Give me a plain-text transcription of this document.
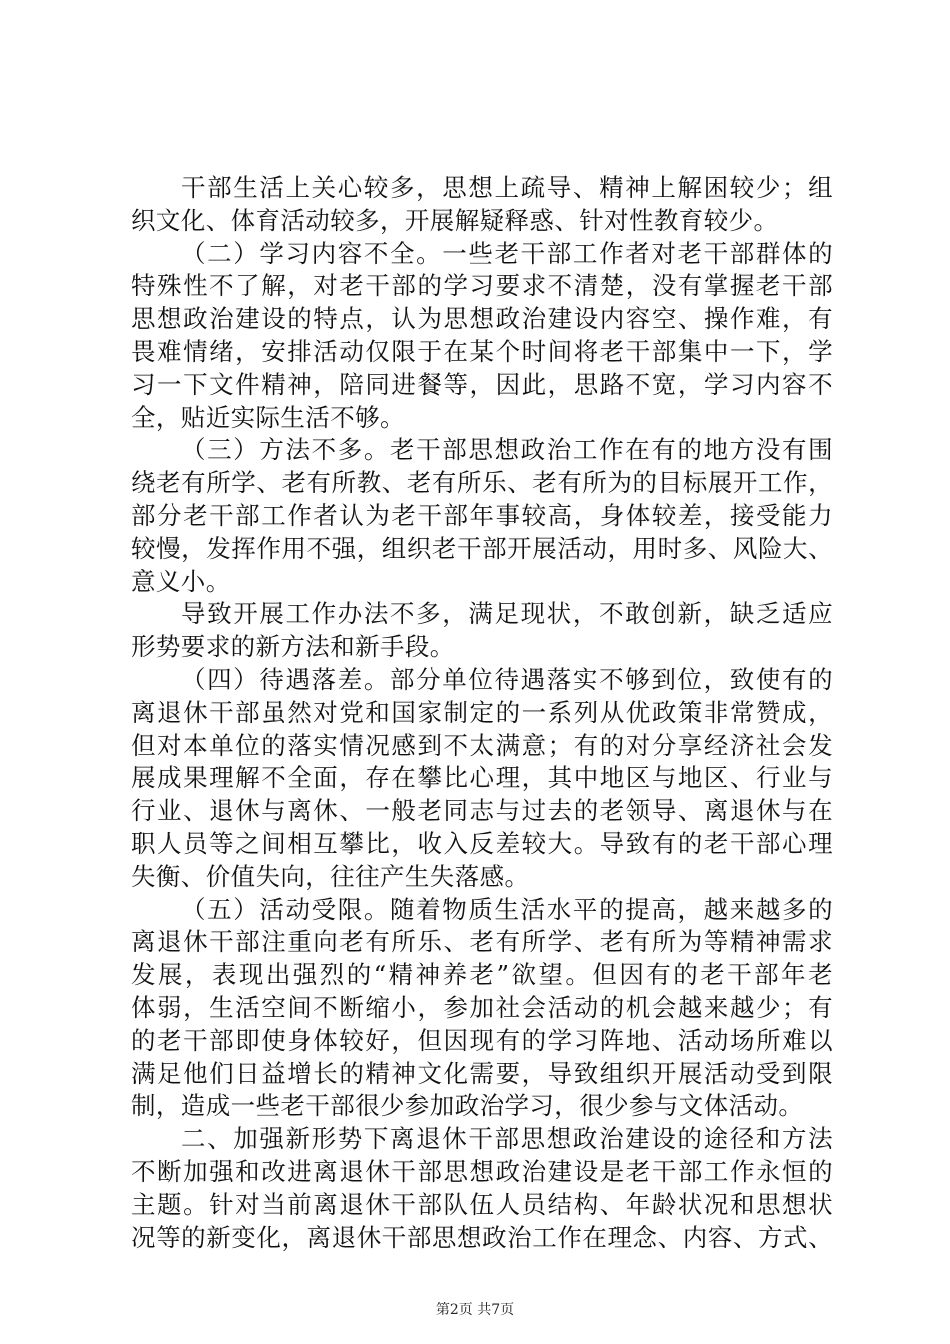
干部生活上关心较多，思想上疏导、精神上解困较少；组
织文化、体育活动较多，开展解疑释惑、针对性教育较少。
（二）学习内容不全。一些老干部工作者对老干部群体的
特殊性不了解，对老干部的学习要求不清楚，没有掌握老干部
思想政治建设的特点，认为思想政治建设内容空、操作难，有
畏难情绪，安排活动仅限于在某个时间将老干部集中一下，学
习一下文件精神，陪同进餐等，因此，思路不宽，学习内容不
全，贴近实际生活不够。
（三）方法不多。老干部思想政治工作在有的地方没有围
绕老有所学、老有所教、老有所乐、老有所为的目标展开工作，
部分老干部工作者认为老干部年事较高，身体较差，接受能力
较慢，发挥作用不强，组织老干部开展活动，用时多、风险大、
意义小。
导致开展工作办法不多，满足现状，不敢创新，缺乏适应
形势要求的新方法和新手段。
（四）待遇落差。部分单位待遇落实不够到位，致使有的
离退休干部虽然对党和国家制定的一系列从优政策非常赞成，
但对本单位的落实情况感到不太满意；有的对分享经济社会发
展成果理解不全面，存在攀比心理，其中地区与地区、行业与
行业、退休与离休、一般老同志与过去的老领导、离退休与在
职人员等之间相互攀比，收入反差较大。导致有的老干部心理
失衡、价值失向，往往产生失落感。
（五）活动受限。随着物质生活水平的提高，越来越多的
离退休干部注重向老有所乐、老有所学、老有所为等精神需求
发展，表现出强烈的“精神养老”欲望。但因有的老干部年老
体弱，生活空间不断缩小，参加社会活动的机会越来越少；有
的老干部即使身体较好，但因现有的学习阵地、活动场所难以
满足他们日益增长的精神文化需要，导致组织开展活动受到限
制，造成一些老干部很少参加政治学习，很少参与文体活动。
二、加强新形势下离退休干部思想政治建设的途径和方法
不断加强和改进离退休干部思想政治建设是老干部工作永恒的
主题。针对当前离退休干部队伍人员结构、年龄状况和思想状
况等的新变化，离退休干部思想政治工作在理念、内容、方式、
第2页 共7页
